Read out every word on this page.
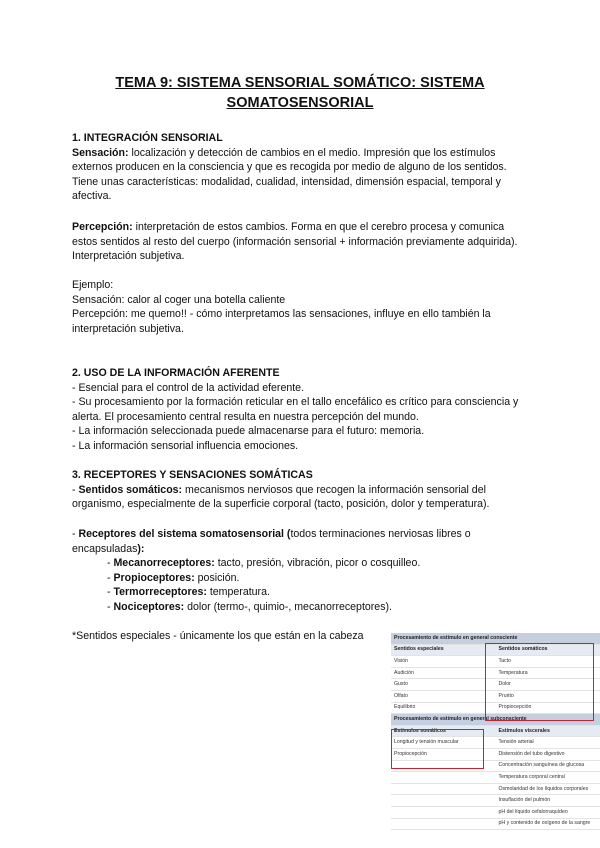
TEMA 9: SISTEMA SENSORIAL SOMÁTICO: SISTEMA
SOMATOSENSORIAL

1. INTEGRACIÓN SENSORIAL

Sensación: localización y detección de cambios en el medio. Impresión que los estímulos externos producen en la consciencia y que es recogida por medio de alguno de los sentidos. Tiene unas características: modalidad, cualidad, intensidad, dimensión espacial, temporal y afectiva.

Percepción: interpretación de estos cambios. Forma en que el cerebro procesa y comunica estos sentidos al resto del cuerpo (información sensorial + información previamente adquirida). Interpretación subjetiva.

Ejemplo:

Sensación: calor al coger una botella caliente

Percepción: me quemo!! - cómo interpretamos las sensaciones, influye en ello también la interpretación subjetiva.

2. USO DE LA INFORMACIÓN AFERENTE

- Esencial para el control de la actividad eferente.

- Su procesamiento por la formación reticular en el tallo encefálico es crítico para consciencia y alerta. El procesamiento central resulta en nuestra percepción del mundo.

- La información seleccionada puede almacenarse para el futuro: memoria.

- La información sensorial influencia emociones.

3. RECEPTORES Y SENSACIONES SOMÁTICAS

- Sentidos somáticos: mecanismos nerviosos que recogen la información sensorial del organismo, especialmente de la superficie corporal (tacto, posición, dolor y temperatura).

- Receptores del sistema somatosensorial (todos terminaciones nerviosas libres o encapsuladas):

- Mecanorreceptores: tacto, presión, vibración, picor o cosquilleo.

- Propioceptores: posición.

- Termorreceptores: temperatura.

- Nociceptores: dolor (termo-, quimio-, mecanorreceptores).

*Sentidos especiales - únicamente los que están en la cabeza	Procesamiento de estímulo en general consciente	
Sentidos especiales	Sentidos somáticos
Visión	Tacto
Audición	Temperatura
Gusto	Dolor
Olfato	Prurito
Equilibrio	Propiocepción
Procesamiento de estímulo en general subconsciente	
Estímulos somáticos	Estímulos viscerales
Longitud y tensión muscular	Tensión arterial
Propiocepción	Distensión del tubo digestivo
	Concentración sanguínea de glucosa
	Temperatura corporal central
	Osmolaridad de los líquidos corporales
	Insuflación del pulmón
	pH del líquido cefalorraquídeo
	pH y contenido de oxígeno de la sangre
